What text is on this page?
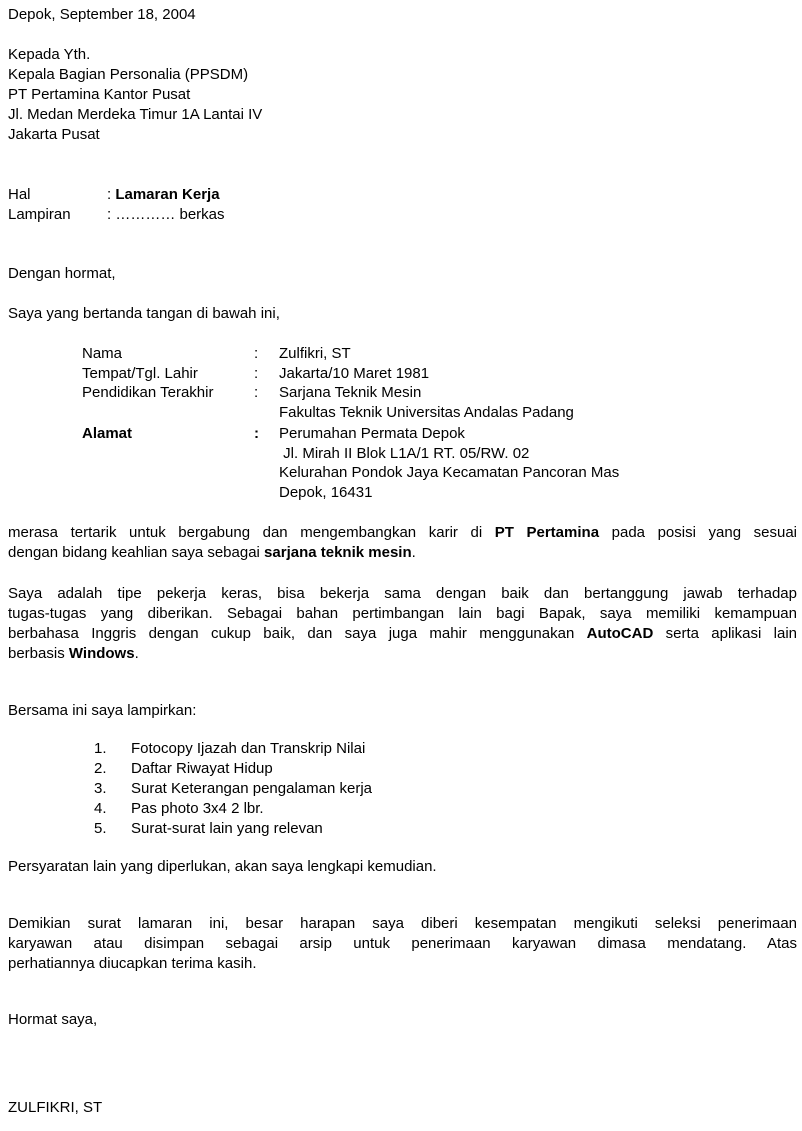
Depok, September 18, 2004
Kepada Yth.
Kepala Bagian Personalia (PPSDM)
PT Pertamina Kantor Pusat
Jl. Medan Merdeka Timur 1A Lantai IV
Jakarta Pusat
Hal	: Lamaran Kerja
Lampiran : ………… berkas
Dengan hormat,
Saya yang bertanda tangan di bawah ini,
Nama	: Zulfikri, ST
Tempat/Tgl. Lahir	: Jakarta/10 Maret 1981
Pendidikan Terakhir	: Sarjana Teknik Mesin
Fakultas Teknik Universitas Andalas Padang
Alamat	: Perumahan Permata Depok
Jl. Mirah II Blok L1A/1 RT. 05/RW. 02
Kelurahan Pondok Jaya Kecamatan Pancoran Mas
Depok, 16431
merasa tertarik untuk bergabung dan mengembangkan karir di PT Pertamina pada posisi yang sesuai
dengan bidang keahlian saya sebagai sarjana teknik mesin.
Saya adalah tipe pekerja keras, bisa bekerja sama dengan baik dan bertanggung jawab terhadap
tugas-tugas yang diberikan. Sebagai bahan pertimbangan lain bagi Bapak, saya memiliki kemampuan
berbahasa Inggris dengan cukup baik, dan saya juga mahir menggunakan AutoCAD serta aplikasi lain
berbasis Windows.
Bersama ini saya lampirkan:
1. Fotocopy Ijazah dan Transkrip Nilai
2. Daftar Riwayat Hidup
3. Surat Keterangan pengalaman kerja
4. Pas photo 3x4 2 lbr.
5. Surat-surat lain yang relevan
Persyaratan lain yang diperlukan, akan saya lengkapi kemudian.
Demikian surat lamaran ini, besar harapan saya diberi kesempatan mengikuti seleksi penerimaan
karyawan atau disimpan sebagai arsip untuk penerimaan karyawan dimasa mendatang. Atas
perhatiannya diucapkan terima kasih.
Hormat saya,
ZULFIKRI, ST
